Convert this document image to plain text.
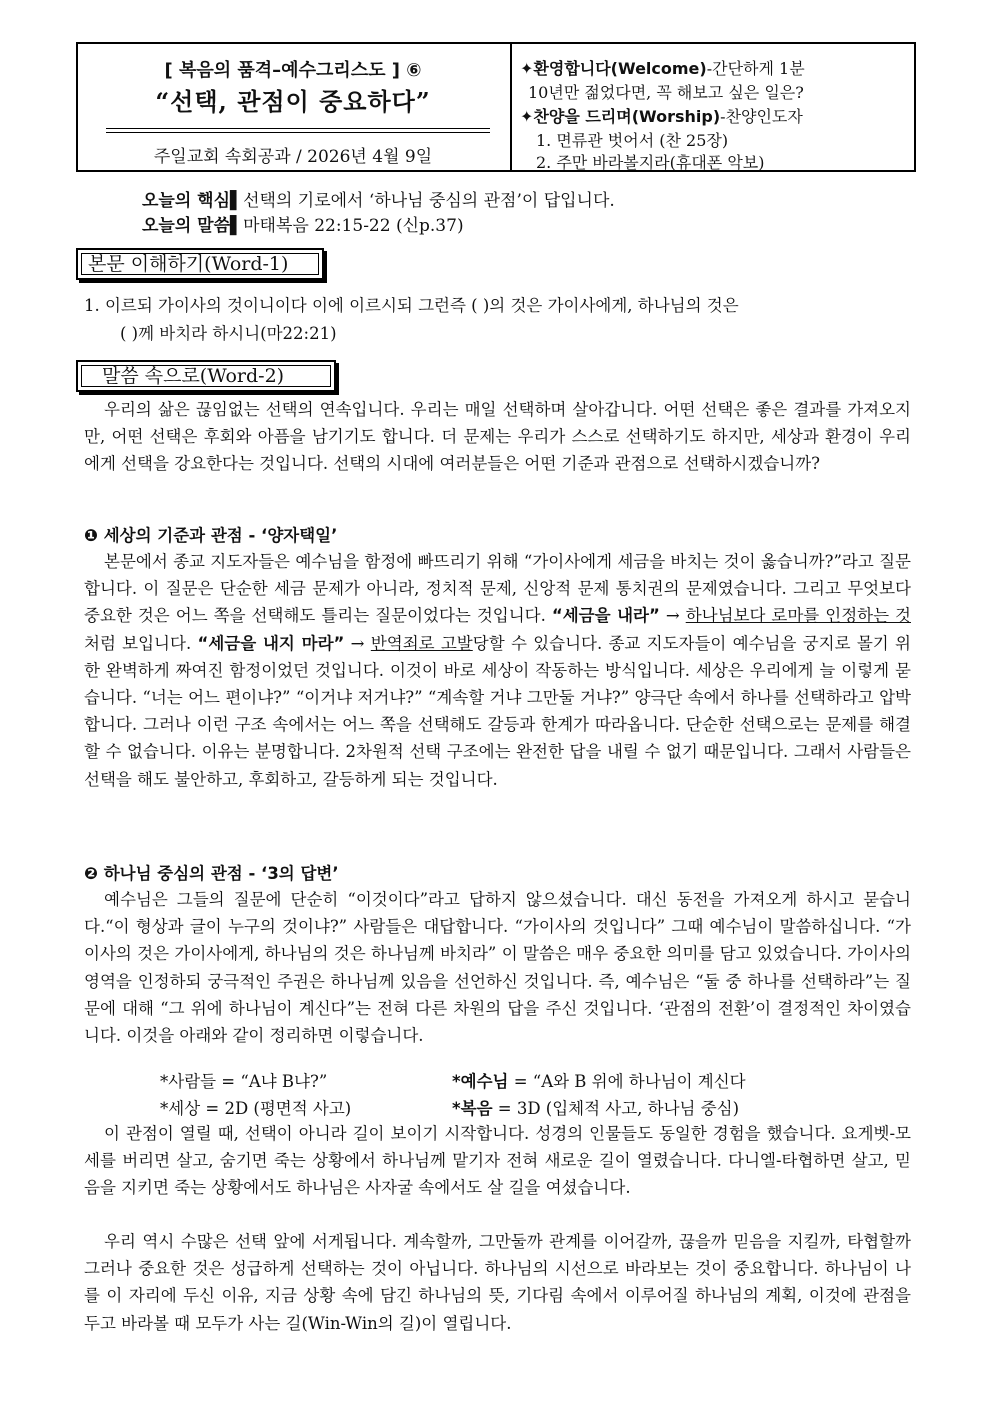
[ 복음의 품격–예수그리스도 ] ⑥
“선택, 관점이 중요하다”
주일교회 속회공과 / 2026년 4월 9일
✦환영합니다(Welcome)-간단하게 1분
10년만 젊었다면, 꼭 해보고 싶은 일은?
✦찬양을 드리며(Worship)-찬양인도자
1. 면류관 벗어서 (찬 25장)
2. 주만 바라볼지라(휴대폰 악보)
오늘의 핵심▌선택의 기로에서 ‘하나님 중심의 관점’이 답입니다.
오늘의 말씀▌마태복음 22:15-22 (신p.37)
본문 이해하기(Word-1)
1. 이르되 가이사의 것이니이다 이에 이르시되 그런즉 ( )의 것은 가이사에게, 하나님의 것은
( )께 바치라 하시니(마22:21)
말씀 속으로(Word-2)
우리의 삶은 끊임없는 선택의 연속입니다. 우리는 매일 선택하며 살아갑니다. 어떤 선택은 좋은 결과를 가져오지만, 어떤 선택은 후회와 아픔을 남기기도 합니다. 더 문제는 우리가 스스로 선택하기도 하지만, 세상과 환경이 우리에게 선택을 강요한다는 것입니다. 선택의 시대에 여러분들은 어떤 기준과 관점으로 선택하시겠습니까?
❶ 세상의 기준과 관점 - ‘양자택일’
본문에서 종교 지도자들은 예수님을 함정에 빠뜨리기 위해 “가이사에게 세금을 바치는 것이 옳습니까?”라고 질문합니다. 이 질문은 단순한 세금 문제가 아니라, 정치적 문제, 신앙적 문제 통치권의 문제였습니다. 그리고 무엇보다 중요한 것은 어느 쪽을 선택해도 틀리는 질문이었다는 것입니다. “세금을 내라” → 하나님보다 로마를 인정하는 것처럼 보입니다. “세금을 내지 마라” → 반역죄로 고발당할 수 있습니다. 종교 지도자들이 예수님을 궁지로 몰기 위한 완벽하게 짜여진 함정이었던 것입니다. 이것이 바로 세상이 작동하는 방식입니다. 세상은 우리에게 늘 이렇게 묻습니다. “너는 어느 편이냐?” “이거냐 저거냐?” “계속할 거냐 그만둘 거냐?” 양극단 속에서 하나를 선택하라고 압박합니다. 그러나 이런 구조 속에서는 어느 쪽을 선택해도 갈등과 한계가 따라옵니다. 단순한 선택으로는 문제를 해결할 수 없습니다. 이유는 분명합니다. 2차원적 선택 구조에는 완전한 답을 내릴 수 없기 때문입니다. 그래서 사람들은 선택을 해도 불안하고, 후회하고, 갈등하게 되는 것입니다.
❷ 하나님 중심의 관점 - ‘3의 답변’
예수님은 그들의 질문에 단순히 “이것이다”라고 답하지 않으셨습니다. 대신 동전을 가져오게 하시고 묻습니다.“이 형상과 글이 누구의 것이냐?” 사람들은 대답합니다. “가이사의 것입니다” 그때 예수님이 말씀하십니다. “가이사의 것은 가이사에게, 하나님의 것은 하나님께 바치라” 이 말씀은 매우 중요한 의미를 담고 있었습니다. 가이사의 영역을 인정하되 궁극적인 주권은 하나님께 있음을 선언하신 것입니다. 즉, 예수님은 “둘 중 하나를 선택하라”는 질문에 대해 “그 위에 하나님이 계신다”는 전혀 다른 차원의 답을 주신 것입니다. ‘관점의 전환’이 결정적인 차이였습니다. 이것을 아래와 같이 정리하면 이렇습니다.
*사람들 = “A냐 B냐?”	*예수님 = “A와 B 위에 하나님이 계신다
*세상 = 2D (평면적 사고)	*복음 = 3D (입체적 사고, 하나님 중심)
이 관점이 열릴 때, 선택이 아니라 길이 보이기 시작합니다. 성경의 인물들도 동일한 경험을 했습니다. 요게벳-모세를 버리면 살고, 숨기면 죽는 상황에서 하나님께 맡기자 전혀 새로운 길이 열렸습니다. 다니엘-타협하면 살고, 믿음을 지키면 죽는 상황에서도 하나님은 사자굴 속에서도 살 길을 여셨습니다.
우리 역시 수많은 선택 앞에 서게됩니다. 계속할까, 그만둘까 관계를 이어갈까, 끊을까 믿음을 지킬까, 타협할까 그러나 중요한 것은 성급하게 선택하는 것이 아닙니다. 하나님의 시선으로 바라보는 것이 중요합니다. 하나님이 나를 이 자리에 두신 이유, 지금 상황 속에 담긴 하나님의 뜻, 기다림 속에서 이루어질 하나님의 계획, 이것에 관점을 두고 바라볼 때 모두가 사는 길(Win-Win의 길)이 열립니다.
